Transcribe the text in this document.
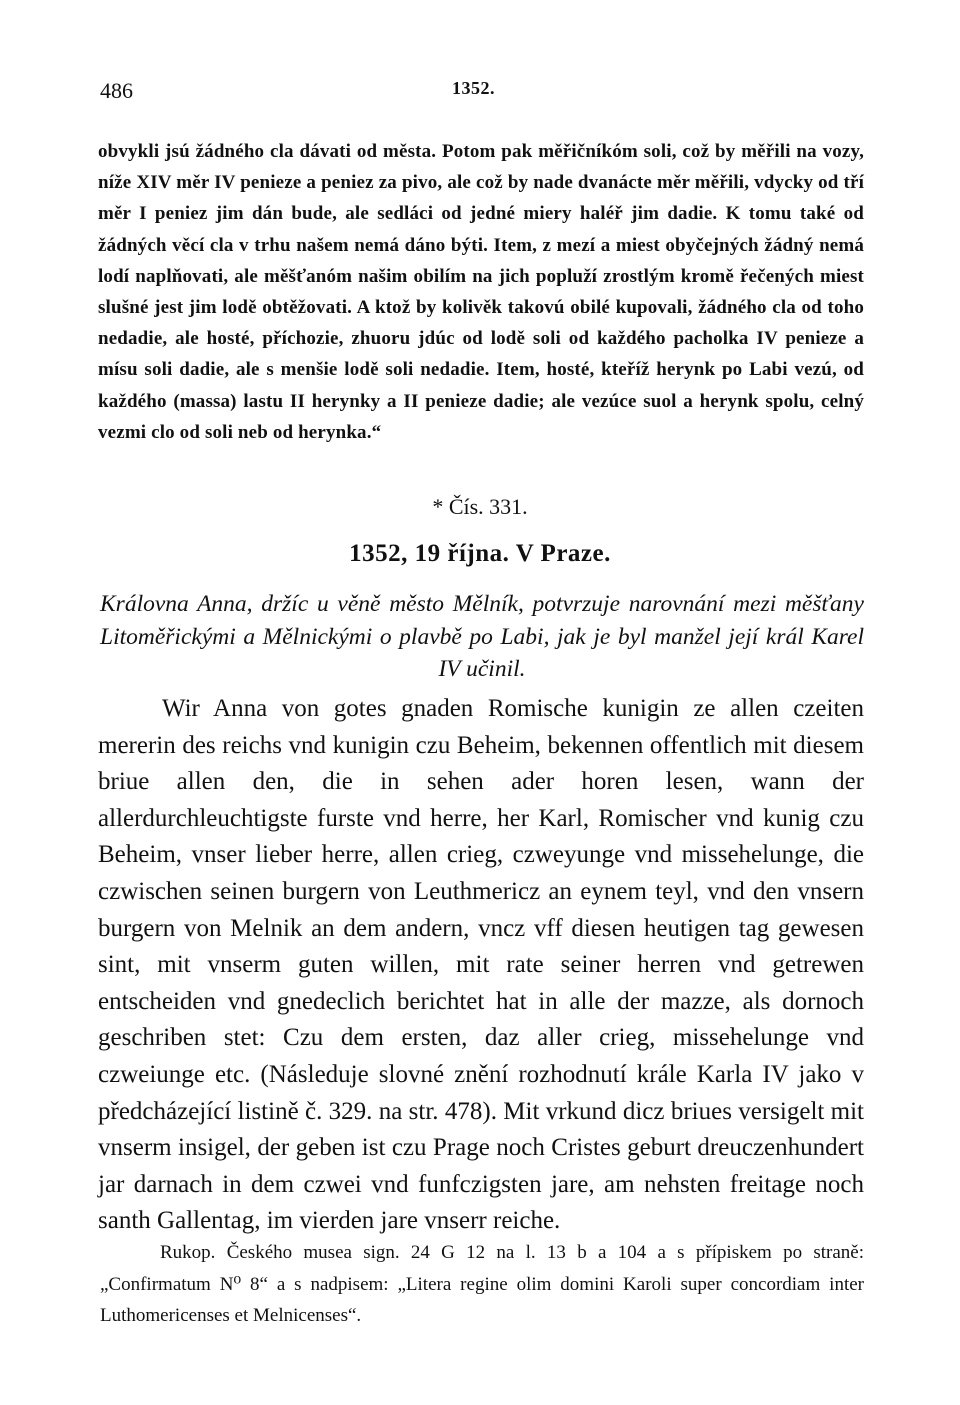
486	1352.

obvykli jsú žádného cla dávati od města. Potom pak měřičníkóm soli, což by měřili na vozy, níže XIV měr IV penieze a peniez za pivo, ale což by nade dvanácte měr měřili, vdycky od tří měr I peniez jim dán bude, ale sedláci od jedné miery haléř jim dadie. K tomu také od žádných věcí cla v trhu našem nemá dáno býti. Item, z mezí a miest obyčejných žádný nemá lodí naplňovati, ale měšťanóm našim obilím na jich popluží zrostlým kromě řečených miest slušné jest jim lodě obtěžovati. A ktož by kolivěk takovú obilé kupovali, žádného cla od toho nedadie, ale hosté, příchozie, zhuoru jdúc od lodě soli od každého pacholka IV penieze a mísu soli dadie, ale s menšie lodě soli nedadie. Item, hosté, kteříž herynk po Labi vezú, od každého (massa) lastu II herynky a II penieze dadie; ale vezúce suol a herynk spolu, celný vezmi clo od soli neb od herynka.“

* Čís. 331.
1352, 19 října. V Praze.

Královna Anna, držíc u věně město Mělník, potvrzuje narovnání mezi měšťany Litoměřickými a Mělnickými o plavbě po Labi, jak je byl manžel její král Karel IV učinil.

Wir Anna von gotes gnaden Romische kunigin ze allen czeiten mererin des reichs vnd kunigin czu Beheim, bekennen offentlich mit diesem briue allen den, die in sehen ader horen lesen, wann der allerdurchleuchtigste furste vnd herre, her Karl, Romischer vnd kunig czu Beheim, vnser lieber herre, allen crieg, czweyunge vnd missehelunge, die czwischen seinen burgern von Leuthmericz an eynem teyl, vnd den vnsern burgern von Melnik an dem andern, vncz vff diesen heutigen tag gewesen sint, mit vnserm guten willen, mit rate seiner herren vnd getrewen entscheiden vnd gnedeclich berichtet hat in alle der mazze, als dornoch geschriben stet: Czu dem ersten, daz aller crieg, missehelunge vnd czweiunge etc. (Následuje slovné znění rozhodnutí krále Karla IV jako v předcházející listině č. 329. na str. 478). Mit vrkund dicz briues versigelt mit vnserm insigel, der geben ist czu Prage noch Cristes geburt dreuczenhundert jar darnach in dem czwei vnd funfczigsten jare, am nehsten freitage noch santh Gallentag, im vierden jare vnserr reiche.

Rukop. Českého musea sign. 24 G 12 na l. 13 b a 104 a s přípiskem po straně: „Confirmatum N⁰ 8“ a s nadpisem: „Litera regine olim domini Karoli super concordiam inter Luthomericenses et Melnicenses“.
